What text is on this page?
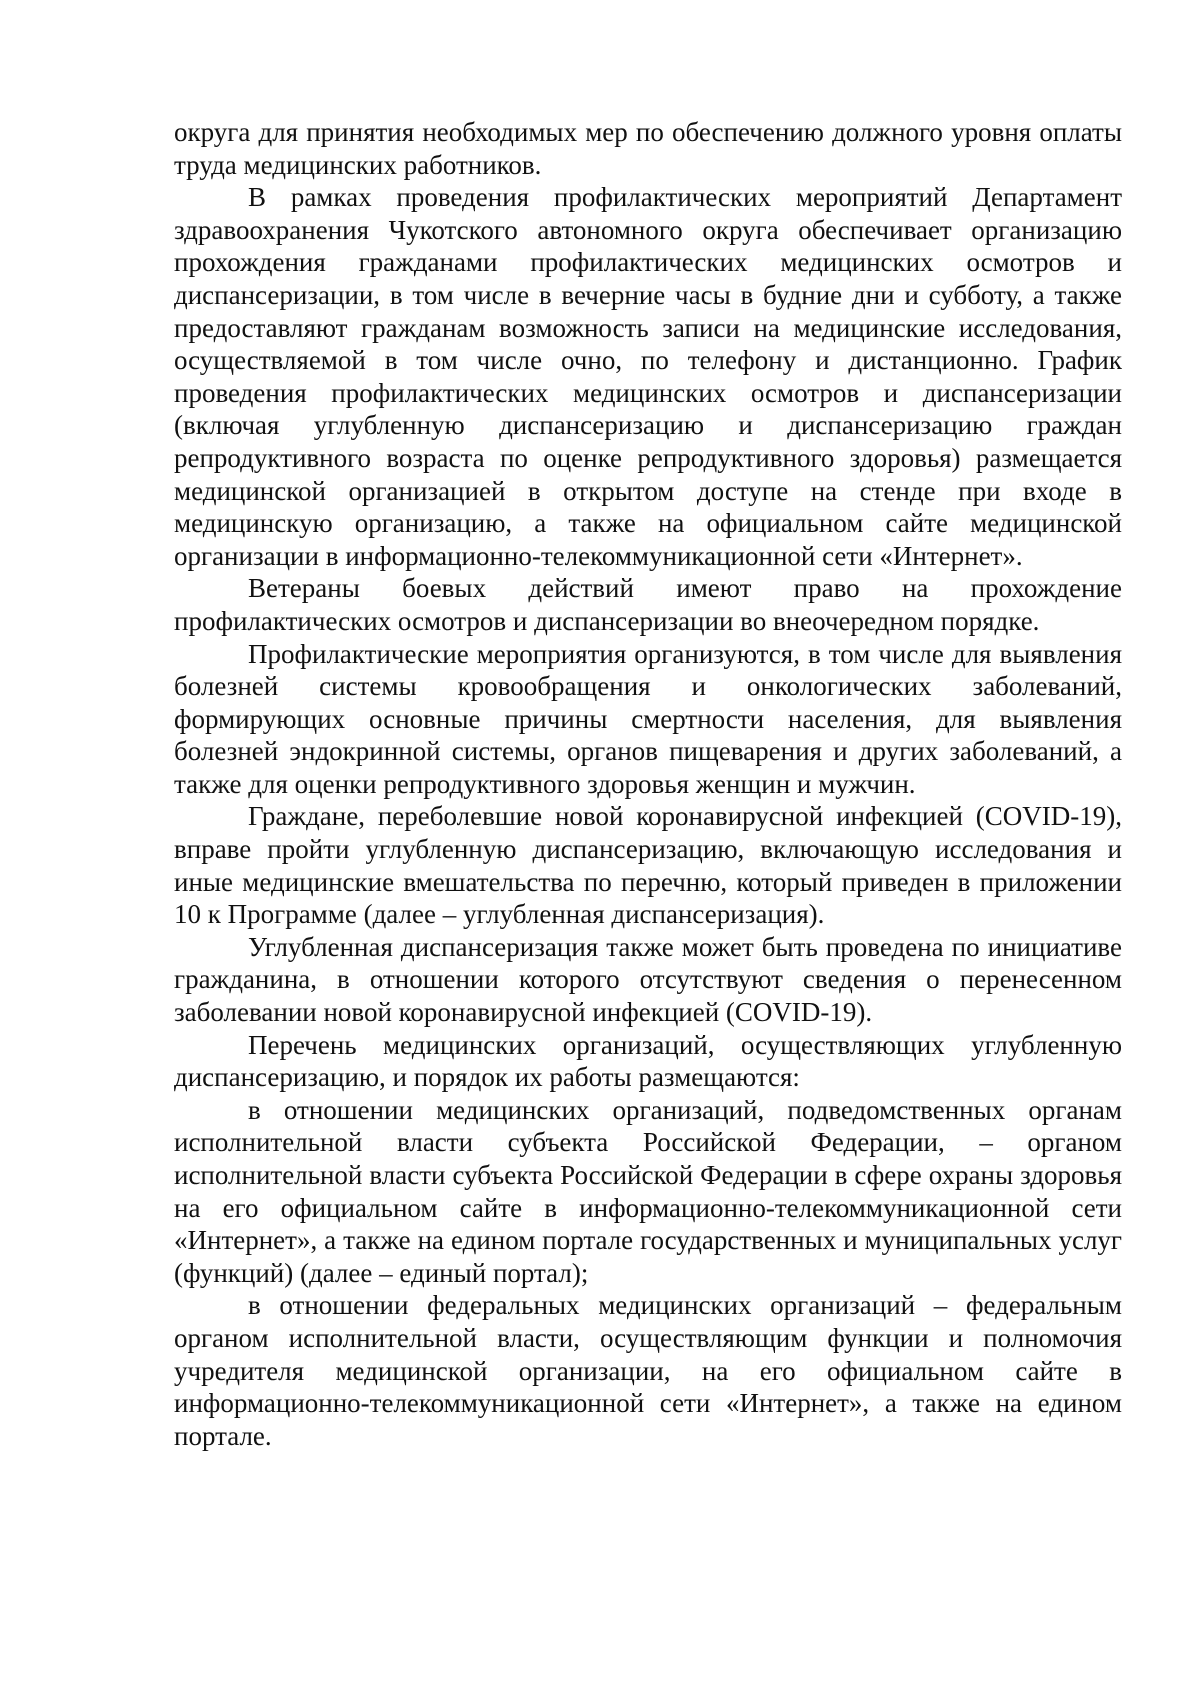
округа для принятия необходимых мер по обеспечению должного уровня оплаты труда медицинских работников.

В рамках проведения профилактических мероприятий Департамент здравоохранения Чукотского автономного округа обеспечивает организацию прохождения гражданами профилактических медицинских осмотров и диспансеризации, в том числе в вечерние часы в будние дни и субботу, а также предоставляют гражданам возможность записи на медицинские исследования, осуществляемой в том числе очно, по телефону и дистанционно. График проведения профилактических медицинских осмотров и диспансеризации (включая углубленную диспансеризацию и диспансеризацию граждан репродуктивного возраста по оценке репродуктивного здоровья) размещается медицинской организацией в открытом доступе на стенде при входе в медицинскую организацию, а также на официальном сайте медицинской организации в информационно-телекоммуникационной сети «Интернет».

Ветераны боевых действий имеют право на прохождение профилактических осмотров и диспансеризации во внеочередном порядке.

Профилактические мероприятия организуются, в том числе для выявления болезней системы кровообращения и онкологических заболеваний, формирующих основные причины смертности населения, для выявления болезней эндокринной системы, органов пищеварения и других заболеваний, а также для оценки репродуктивного здоровья женщин и мужчин.

Граждане, переболевшие новой коронавирусной инфекцией (COVID-19), вправе пройти углубленную диспансеризацию, включающую исследования и иные медицинские вмешательства по перечню, который приведен в приложении 10 к Программе (далее – углубленная диспансеризация).

Углубленная диспансеризация также может быть проведена по инициативе гражданина, в отношении которого отсутствуют сведения о перенесенном заболевании новой коронавирусной инфекцией (COVID-19).

Перечень медицинских организаций, осуществляющих углубленную диспансеризацию, и порядок их работы размещаются:

в отношении медицинских организаций, подведомственных органам исполнительной власти субъекта Российской Федерации, – органом исполнительной власти субъекта Российской Федерации в сфере охраны здоровья на его официальном сайте в информационно-телекоммуникационной сети «Интернет», а также на едином портале государственных и муниципальных услуг (функций) (далее – единый портал);

в отношении федеральных медицинских организаций – федеральным органом исполнительной власти, осуществляющим функции и полномочия учредителя медицинской организации, на его официальном сайте в информационно-телекоммуникационной сети «Интернет», а также на едином портале.
